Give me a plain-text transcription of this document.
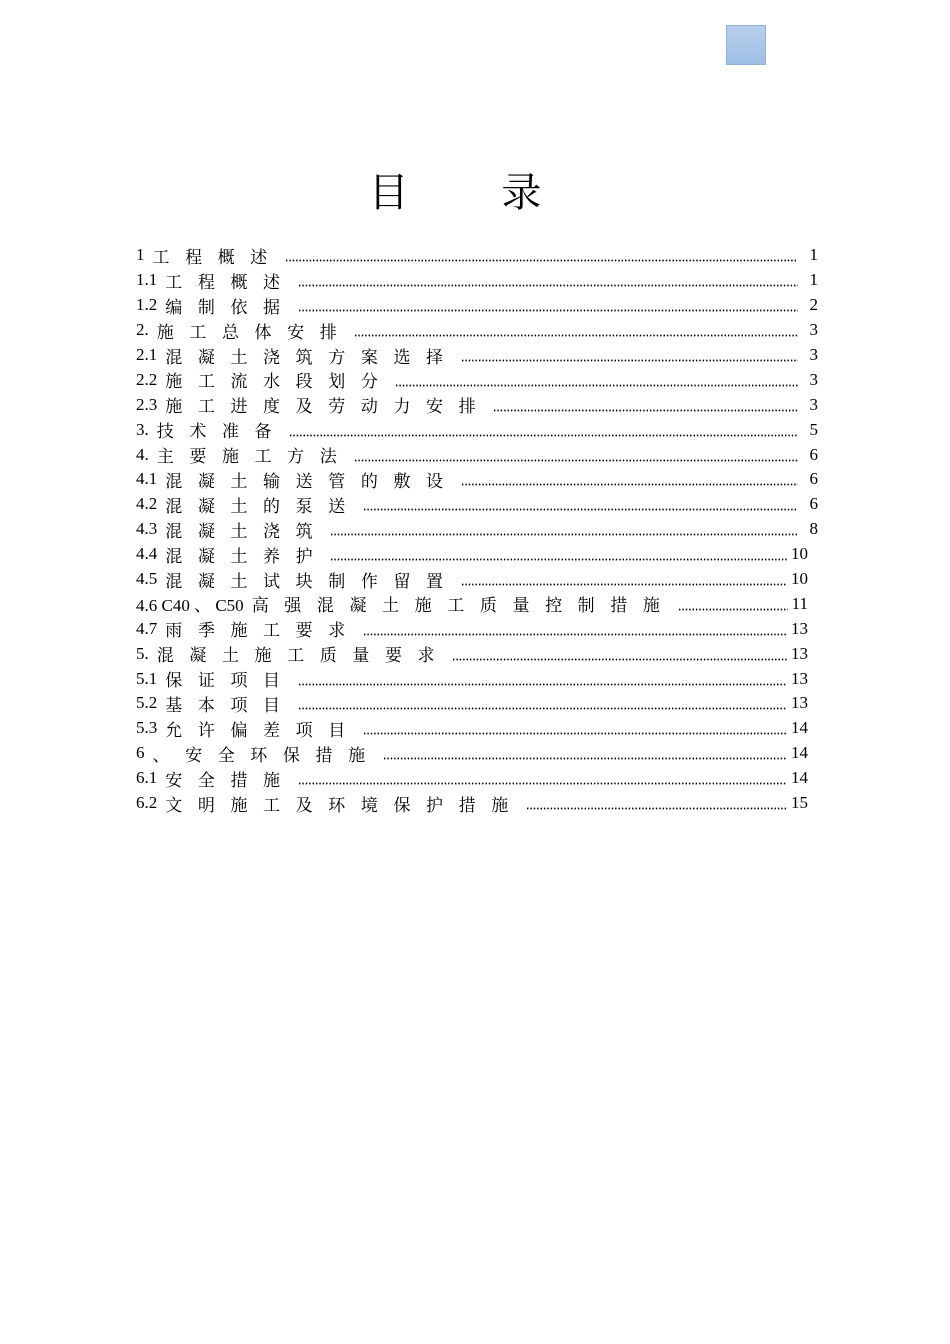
目 录
1 工程概述	1
1.1 工程概述	1
1.2 编制依据	2
2. 施工总体安排	3
2.1 混凝土浇筑方案选择	3
2.2 施工流水段划分	3
2.3 施工进度及劳动力安排	3
3. 技术准备	5
4. 主要施工方法	6
4.1 混凝土输送管的敷设	6
4.2 混凝土的泵送	6
4.3 混凝土浇筑	8
4.4 混凝土养护	10
4.5 混凝土试块制作留置	10
4.6 C40 、 C50 高强混凝土施工质量控制措施	11
4.7 雨季施工要求	13
5. 混凝土施工质量要求	13
5.1 保证项目	13
5.2 基本项目	13
5.3 允许偏差项目	14
6 、安全环保措施	14
6.1 安全措施	14
6.2 文明施工及环境保护措施	15
